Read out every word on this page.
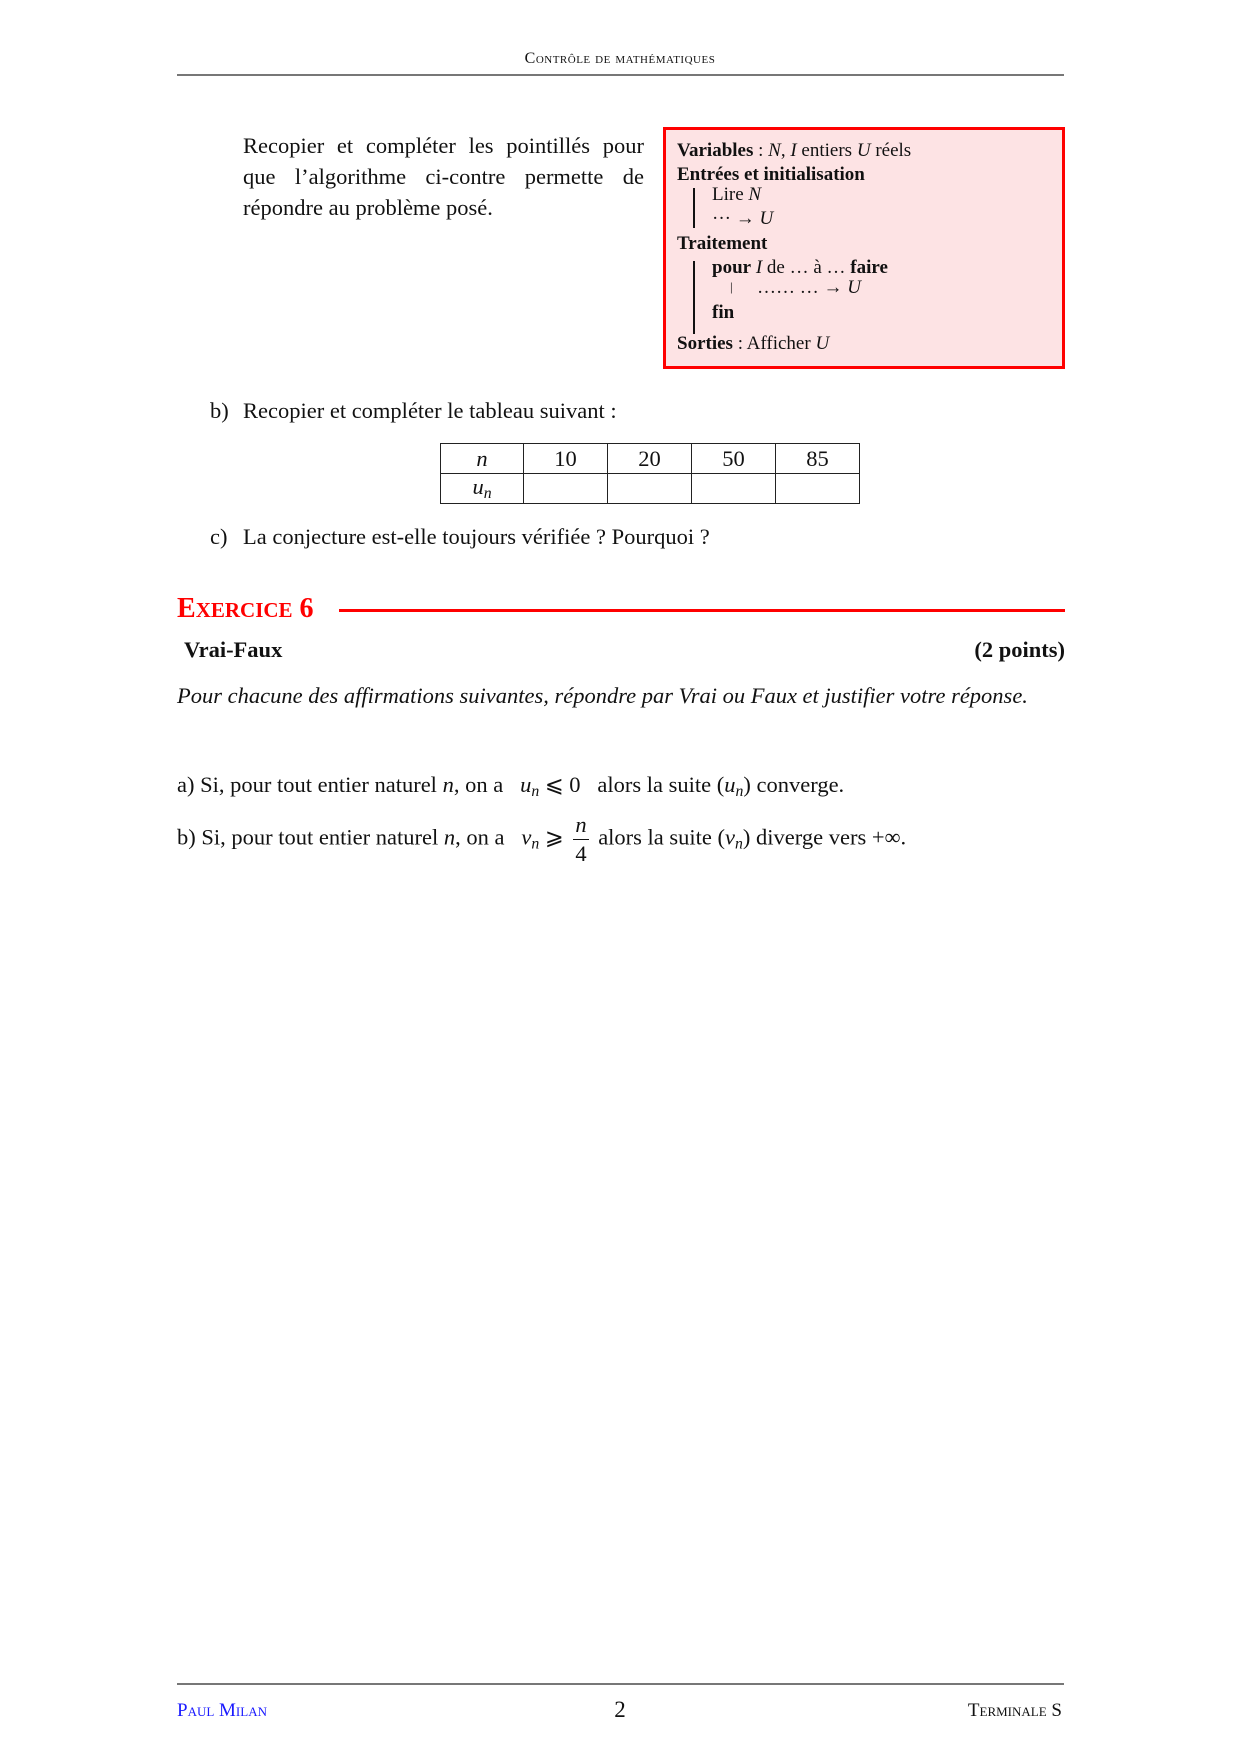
Contrôle de mathématiques
Recopier et compléter les pointillés pour que l’algorithme ci-contre permette de répondre au problème posé.
Variables : N, I entiers U réels
Entrées et initialisation
Lire N
··· → U
Traitement
pour I de … à … faire
| …… … → U
fin
Sorties : Afficher U
b) Recopier et compléter le tableau suivant :
n	10	20	50	85
$u_n$				
c) La conjecture est-elle toujours vérifiée ? Pourquoi ?
EXERCICE 6
Vrai-Faux	(2 points)
Pour chacune des affirmations suivantes, répondre par Vrai ou Faux et justifier votre réponse.
a) Si, pour tout entier naturel n, on a $u_n$ ⩽ 0 alors la suite $(u_n)$ converge.
b) Si, pour tout entier naturel n, on a $v_n$ ⩾ $\frac{n}{4}$ alors la suite $(v_n)$ diverge vers +∞.
Paul Milan	2	Terminale S
